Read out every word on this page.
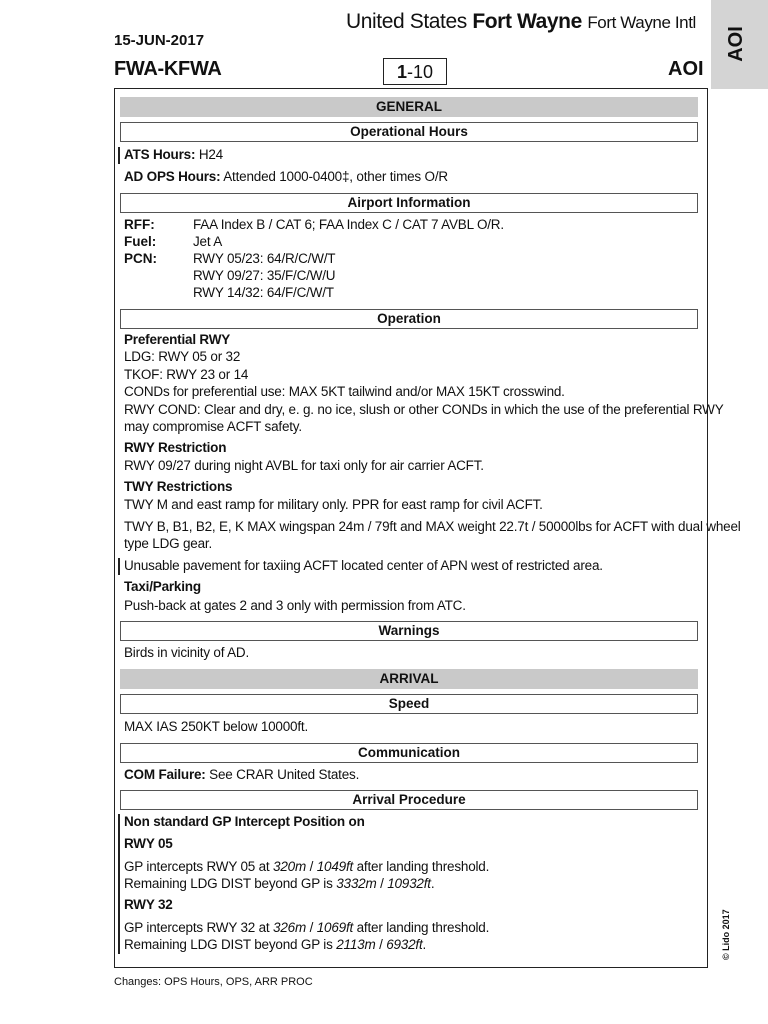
15-JUN-2017
FWA-KFWA
United States Fort Wayne Fort Wayne Intl
1-10	AOI
AOI
GENERAL
Operational Hours
ATS Hours: H24
AD OPS Hours: Attended 1000-0400‡, other times O/R
Airport Information
RFF:	FAA Index B / CAT 6; FAA Index C / CAT 7 AVBL O/R.
Fuel:	Jet A
PCN:	RWY 05/23: 64/R/C/W/T
RWY 09/27: 35/F/C/W/U
RWY 14/32: 64/F/C/W/T
Operation
Preferential RWY
LDG: RWY 05 or 32
TKOF: RWY 23 or 14
CONDs for preferential use: MAX 5KT tailwind and/or MAX 15KT crosswind.
RWY COND: Clear and dry, e. g. no ice, slush or other CONDs in which the use of the preferential RWY
may compromise ACFT safety.
RWY Restriction
RWY 09/27 during night AVBL for taxi only for air carrier ACFT.
TWY Restrictions
TWY M and east ramp for military only. PPR for east ramp for civil ACFT.
TWY B, B1, B2, E, K MAX wingspan 24m / 79ft and MAX weight 22.7t / 50000lbs for ACFT with dual wheel
type LDG gear.
Unusable pavement for taxiing ACFT located center of APN west of restricted area.
Taxi/Parking
Push-back at gates 2 and 3 only with permission from ATC.
Warnings
Birds in vicinity of AD.
ARRIVAL
Speed
MAX IAS 250KT below 10000ft.
Communication
COM Failure: See CRAR United States.
Arrival Procedure
Non standard GP Intercept Position on
RWY 05
GP intercepts RWY 05 at 320m / 1049ft after landing threshold.
Remaining LDG DIST beyond GP is 3332m / 10932ft.
RWY 32
GP intercepts RWY 32 at 326m / 1069ft after landing threshold.
Remaining LDG DIST beyond GP is 2113m / 6932ft.
Changes: OPS Hours, OPS, ARR PROC
© Lido 2017
